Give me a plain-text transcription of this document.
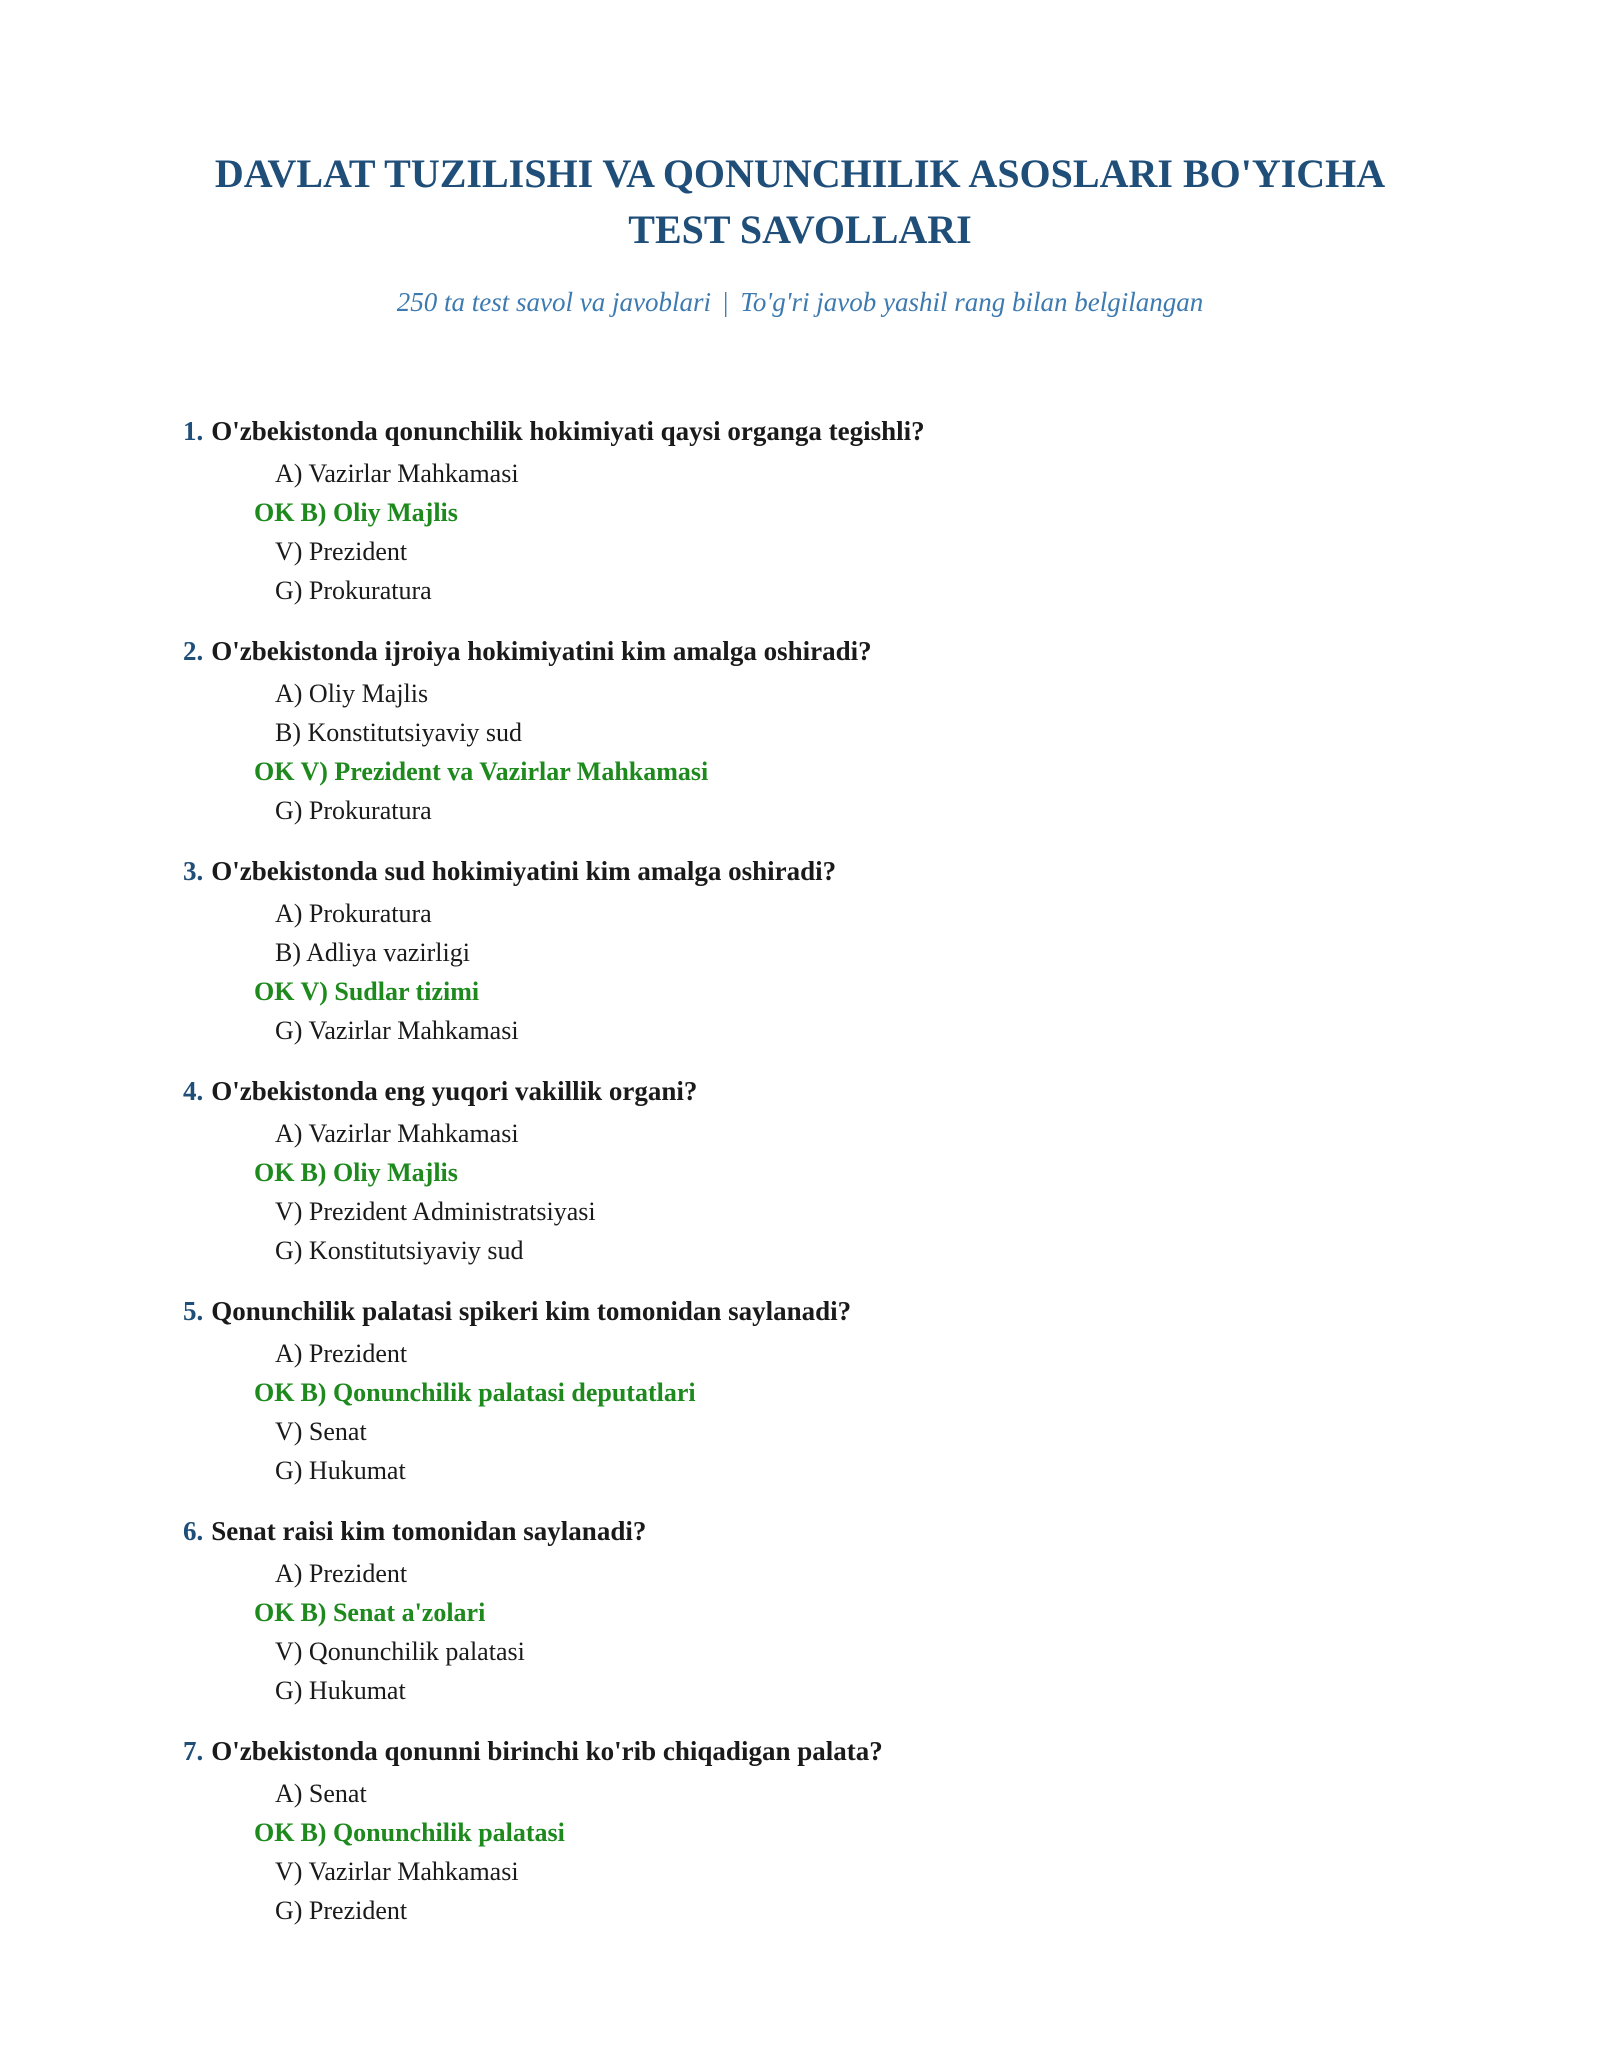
DAVLAT TUZILISHI VA QONUNCHILIK ASOSLARI BO'YICHA
TEST SAVOLLARI
250 ta test savol va javoblari | To'g'ri javob yashil rang bilan belgilangan
1. O'zbekistonda qonunchilik hokimiyati qaysi organga tegishli?
A) Vazirlar Mahkamasi
OK B) Oliy Majlis
V) Prezident
G) Prokuratura
2. O'zbekistonda ijroiya hokimiyatini kim amalga oshiradi?
A) Oliy Majlis
B) Konstitutsiyaviy sud
OK V) Prezident va Vazirlar Mahkamasi
G) Prokuratura
3. O'zbekistonda sud hokimiyatini kim amalga oshiradi?
A) Prokuratura
B) Adliya vazirligi
OK V) Sudlar tizimi
G) Vazirlar Mahkamasi
4. O'zbekistonda eng yuqori vakillik organi?
A) Vazirlar Mahkamasi
OK B) Oliy Majlis
V) Prezident Administratsiyasi
G) Konstitutsiyaviy sud
5. Qonunchilik palatasi spikeri kim tomonidan saylanadi?
A) Prezident
OK B) Qonunchilik palatasi deputatlari
V) Senat
G) Hukumat
6. Senat raisi kim tomonidan saylanadi?
A) Prezident
OK B) Senat a'zolari
V) Qonunchilik palatasi
G) Hukumat
7. O'zbekistonda qonunni birinchi ko'rib chiqadigan palata?
A) Senat
OK B) Qonunchilik palatasi
V) Vazirlar Mahkamasi
G) Prezident
